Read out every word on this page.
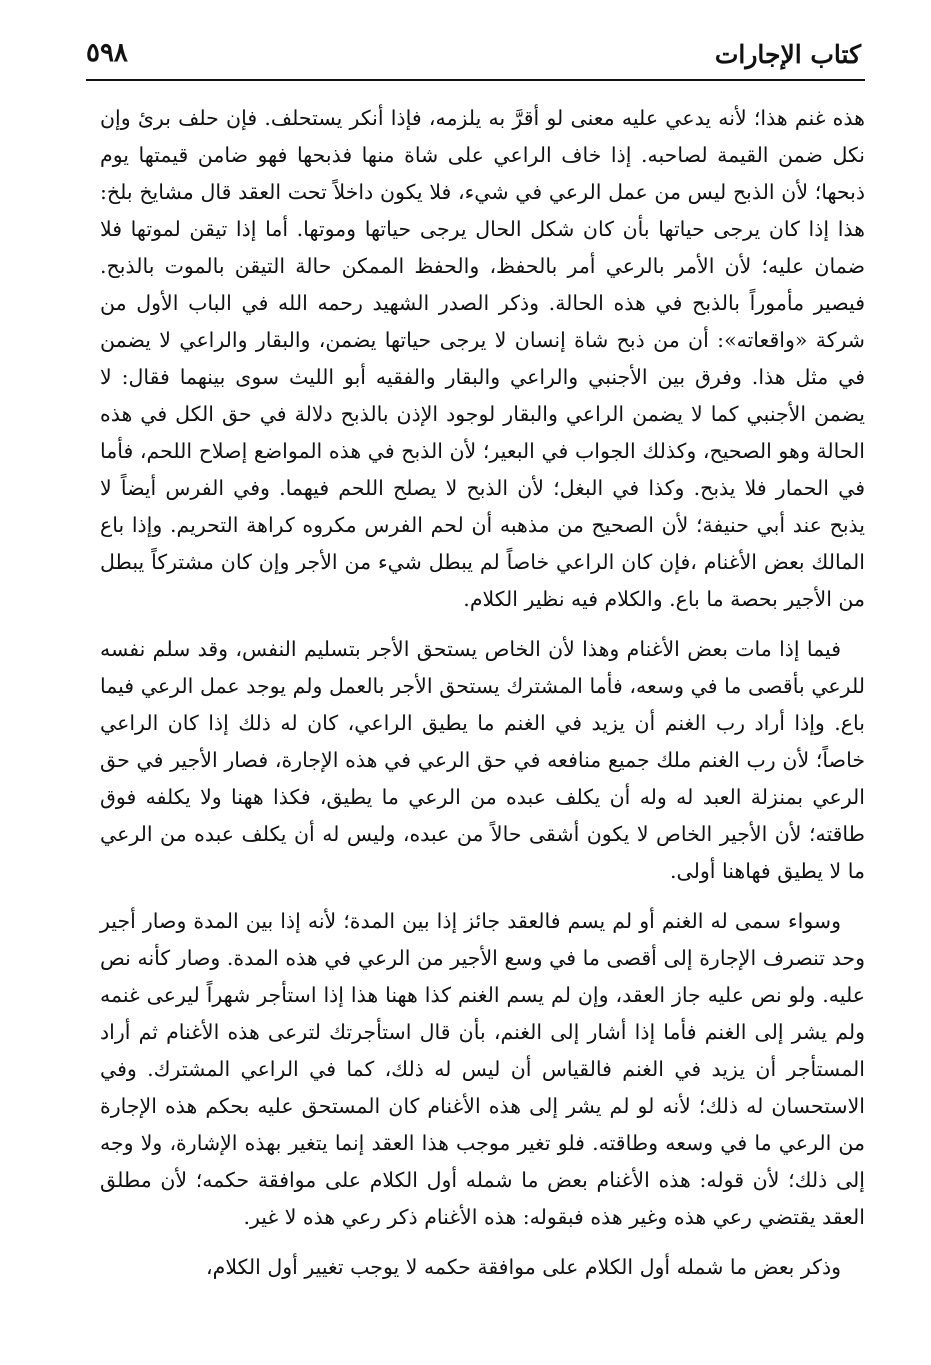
كتاب الإجارات
٥٩٨

هذه غنم هذا؛ لأنه يدعي عليه معنى لو أقرَّ به يلزمه، فإذا أنكر يستحلف. فإن حلف برئ وإن نكل ضمن القيمة لصاحبه. إذا خاف الراعي على شاة منها فذبحها فهو ضامن قيمتها يوم ذبحها؛ لأن الذبح ليس من عمل الرعي في شيء، فلا يكون داخلاً تحت العقد قال مشايخ بلخ: هذا إذا كان يرجى حياتها بأن كان شكل الحال يرجى حياتها وموتها. أما إذا تيقن لموتها فلا ضمان عليه؛ لأن الأمر بالرعي أمر بالحفظ، والحفظ الممكن حالة التيقن بالموت بالذبح. فيصير مأموراً بالذبح في هذه الحالة. وذكر الصدر الشهيد رحمه الله في الباب الأول من شركة «واقعاته»: أن من ذبح شاة إنسان لا يرجى حياتها يضمن، والبقار والراعي لا يضمن في مثل هذا. وفرق بين الأجنبي والراعي والبقار والفقيه أبو الليث سوى بينهما فقال: لا يضمن الأجنبي كما لا يضمن الراعي والبقار لوجود الإذن بالذبح دلالة في حق الكل في هذه الحالة وهو الصحيح، وكذلك الجواب في البعير؛ لأن الذبح في هذه المواضع إصلاح اللحم، فأما في الحمار فلا يذبح. وكذا في البغل؛ لأن الذبح لا يصلح اللحم فيهما. وفي الفرس أيضاً لا يذبح عند أبي حنيفة؛ لأن الصحيح من مذهبه أن لحم الفرس مكروه كراهة التحريم. وإذا باع المالك بعض الأغنام ،فإن كان الراعي خاصاً لم يبطل شيء من الأجر وإن كان مشتركاً يبطل من الأجير بحصة ما باع. والكلام فيه نظير الكلام.

فيما إذا مات بعض الأغنام وهذا لأن الخاص يستحق الأجر بتسليم النفس، وقد سلم نفسه للرعي بأقصى ما في وسعه، فأما المشترك يستحق الأجر بالعمل ولم يوجد عمل الرعي فيما باع. وإذا أراد رب الغنم أن يزيد في الغنم ما يطيق الراعي، كان له ذلك إذا كان الراعي خاصاً؛ لأن رب الغنم ملك جميع منافعه في حق الرعي في هذه الإجارة، فصار الأجير في حق الرعي بمنزلة العبد له وله أن يكلف عبده من الرعي ما يطيق، فكذا ههنا ولا يكلفه فوق طاقته؛ لأن الأجير الخاص لا يكون أشقى حالاً من عبده، وليس له أن يكلف عبده من الرعي ما لا يطيق فهاهنا أولى.

وسواء سمى له الغنم أو لم يسم فالعقد جائز إذا بين المدة؛ لأنه إذا بين المدة وصار أجير وحد تنصرف الإجارة إلى أقصى ما في وسع الأجير من الرعي في هذه المدة. وصار كأنه نص عليه. ولو نص عليه جاز العقد، وإن لم يسم الغنم كذا ههنا هذا إذا استأجر شهراً ليرعى غنمه ولم يشر إلى الغنم فأما إذا أشار إلى الغنم، بأن قال استأجرتك لترعى هذه الأغنام ثم أراد المستأجر أن يزيد في الغنم فالقياس أن ليس له ذلك، كما في الراعي المشترك. وفي الاستحسان له ذلك؛ لأنه لو لم يشر إلى هذه الأغنام كان المستحق عليه بحكم هذه الإجارة من الرعي ما في وسعه وطاقته. فلو تغير موجب هذا العقد إنما يتغير بهذه الإشارة، ولا وجه إلى ذلك؛ لأن قوله: هذه الأغنام بعض ما شمله أول الكلام على موافقة حكمه؛ لأن مطلق العقد يقتضي رعي هذه وغير هذه فبقوله: هذه الأغنام ذكر رعي هذه لا غير.

وذكر بعض ما شمله أول الكلام على موافقة حكمه لا يوجب تغيير أول الكلام،
